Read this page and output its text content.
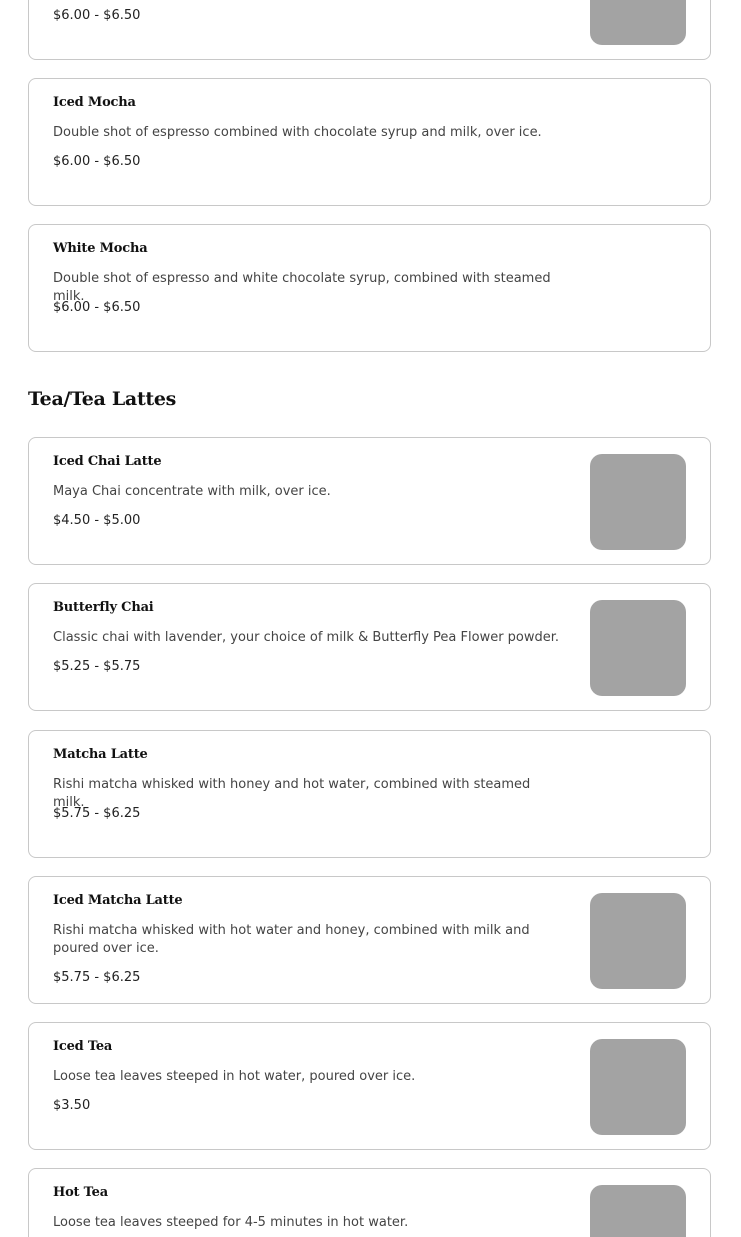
$6.00 - $6.50
Iced Mocha
Double shot of espresso combined with chocolate syrup and milk, over ice.
$6.00 - $6.50
White Mocha
Double shot of espresso and white chocolate syrup, combined with steamed milk.
$6.00 - $6.50
Tea/Tea Lattes
Iced Chai Latte
Maya Chai concentrate with milk, over ice.
$4.50 - $5.00
Butterfly Chai
Classic chai with lavender, your choice of milk & Butterfly Pea Flower powder.
$5.25 - $5.75
Matcha Latte
Rishi matcha whisked with honey and hot water, combined with steamed milk.
$5.75 - $6.25
Iced Matcha Latte
Rishi matcha whisked with hot water and honey, combined with milk and poured over ice.
$5.75 - $6.25
Iced Tea
Loose tea leaves steeped in hot water, poured over ice.
$3.50
Hot Tea
Loose tea leaves steeped for 4-5 minutes in hot water.
